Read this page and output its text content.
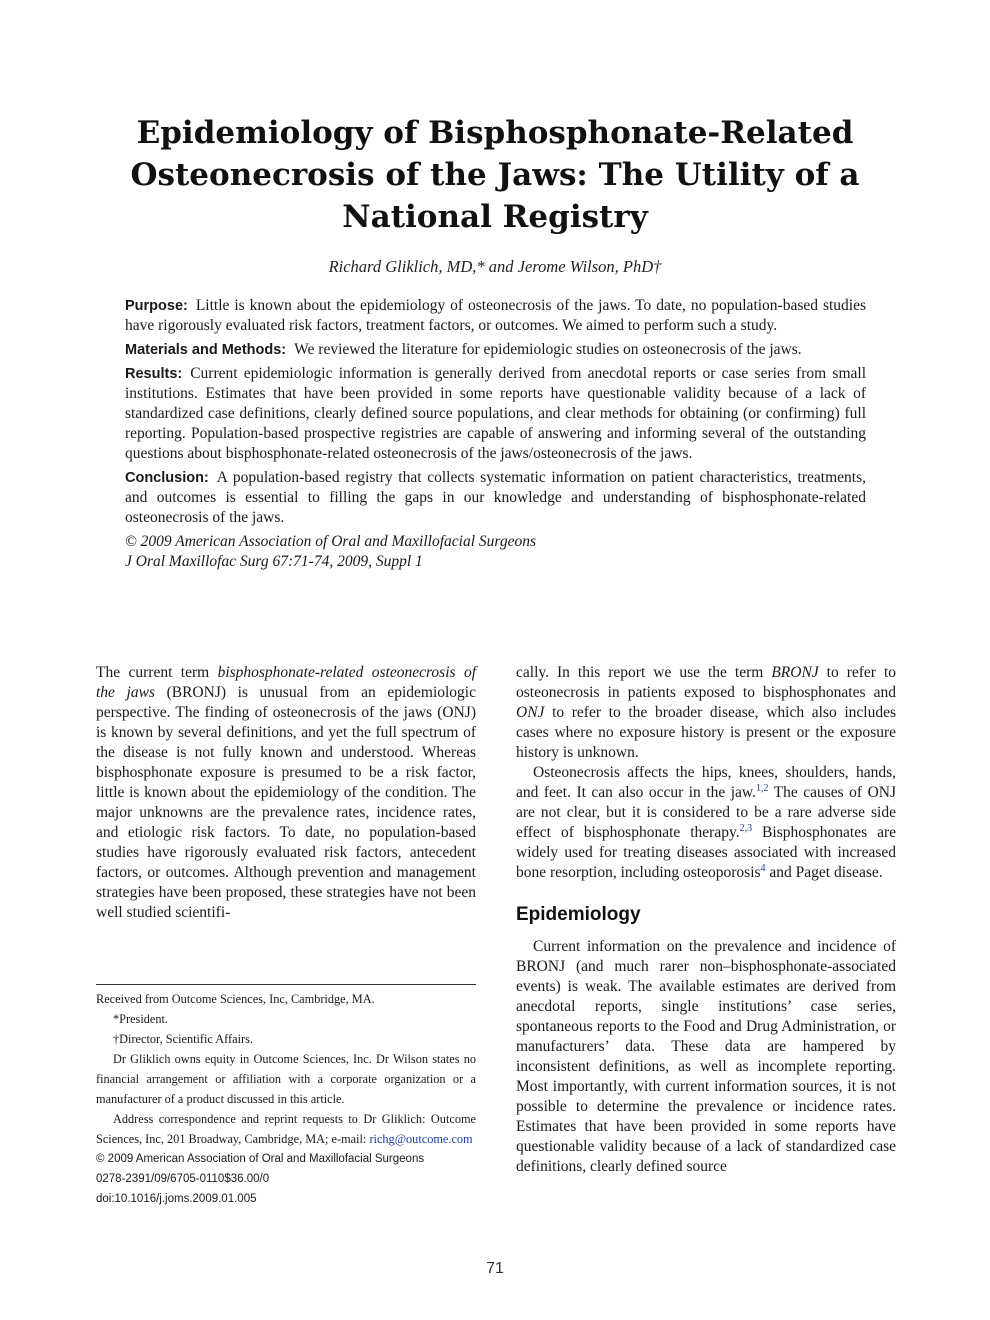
Epidemiology of Bisphosphonate-Related Osteonecrosis of the Jaws: The Utility of a National Registry
Richard Gliklich, MD,* and Jerome Wilson, PhD†

Purpose: Little is known about the epidemiology of osteonecrosis of the jaws. To date, no population-based studies have rigorously evaluated risk factors, treatment factors, or outcomes. We aimed to perform such a study.

Materials and Methods: We reviewed the literature for epidemiologic studies on osteonecrosis of the jaws.

Results: Current epidemiologic information is generally derived from anecdotal reports or case series from small institutions. Estimates that have been provided in some reports have questionable validity because of a lack of standardized case definitions, clearly defined source populations, and clear methods for obtaining (or confirming) full reporting. Population-based prospective registries are capable of answering and informing several of the outstanding questions about bisphosphonate-related osteonecrosis of the jaws/osteonecrosis of the jaws.

Conclusion: A population-based registry that collects systematic information on patient characteristics, treatments, and outcomes is essential to filling the gaps in our knowledge and understanding of bisphosphonate-related osteonecrosis of the jaws.

© 2009 American Association of Oral and Maxillofacial Surgeons

J Oral Maxillofac Surg 67:71-74, 2009, Suppl 1

The current term bisphosphonate-related osteonecrosis of the jaws (BRONJ) is unusual from an epidemiologic perspective. The finding of osteonecrosis of the jaws (ONJ) is known by several definitions, and yet the full spectrum of the disease is not fully known and understood. Whereas bisphosphonate exposure is presumed to be a risk factor, little is known about the epidemiology of the condition. The major unknowns are the prevalence rates, incidence rates, and etiologic risk factors. To date, no population-based studies have rigorously evaluated risk factors, antecedent factors, or outcomes. Although prevention and management strategies have been proposed, these strategies have not been well studied scientifi-

cally. In this report we use the term BRONJ to refer to osteonecrosis in patients exposed to bisphosphonates and ONJ to refer to the broader disease, which also includes cases where no exposure history is present or the exposure history is unknown.

Osteonecrosis affects the hips, knees, shoulders, hands, and feet. It can also occur in the jaw.$^{1,2}$ The causes of ONJ are not clear, but it is considered to be a rare adverse side effect of bisphosphonate therapy.$^{2,3}$ Bisphosphonates are widely used for treating diseases associated with increased bone resorption, including osteoporosis$^4$ and Paget disease.

Epidemiology

Current information on the prevalence and incidence of BRONJ (and much rarer non–bisphosphonate-associated events) is weak. The available estimates are derived from anecdotal reports, single institutions’ case series, spontaneous reports to the Food and Drug Administration, or manufacturers’ data. These data are hampered by inconsistent definitions, as well as incomplete reporting. Most importantly, with current information sources, it is not possible to determine the prevalence or incidence rates. Estimates that have been provided in some reports have questionable validity because of a lack of standardized case definitions, clearly defined source

Received from Outcome Sciences, Inc, Cambridge, MA.

*President.

†Director, Scientific Affairs.

Dr Gliklich owns equity in Outcome Sciences, Inc. Dr Wilson states no financial arrangement or affiliation with a corporate organization or a manufacturer of a product discussed in this article.

Address correspondence and reprint requests to Dr Gliklich: Outcome Sciences, Inc, 201 Broadway, Cambridge, MA; e-mail: richg@outcome.com

© 2009 American Association of Oral and Maxillofacial Surgeons

0278-2391/09/6705-0110$36.00/0

doi:10.1016/j.joms.2009.01.005

71
